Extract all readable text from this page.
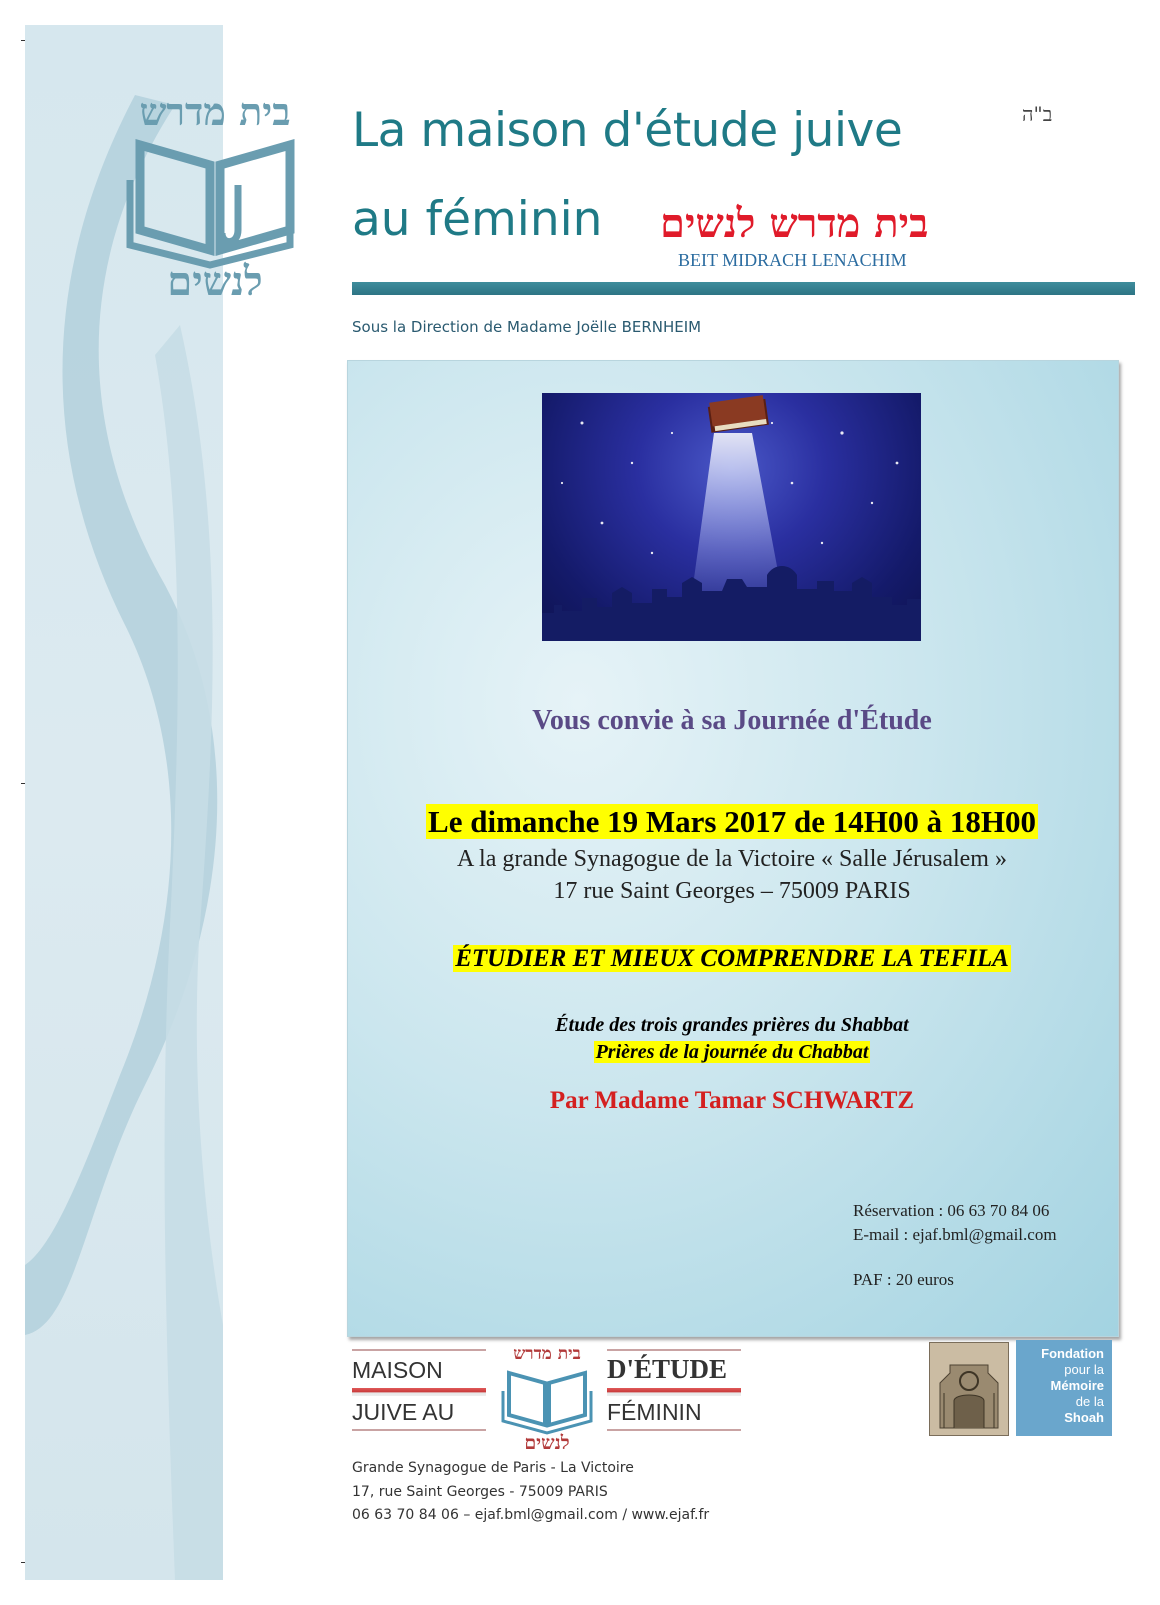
בית מדרש
לנשים
La maison d'étude juive
au féminin בית מדרש לנשים
BEIT MIDRACH LENACHIM
ב"ה
Sous la Direction de Madame Joëlle BERNHEIM
Vous convie à sa Journée d'Étude
Le dimanche 19 Mars 2017 de 14H00 à 18H00
A la grande Synagogue de la Victoire « Salle Jérusalem »
17 rue Saint Georges – 75009 PARIS
ÉTUDIER ET MIEUX COMPRENDRE LA TEFILA
Étude des trois grandes prières du Shabbat
Prières de la journée du Chabbat
Par Madame Tamar SCHWARTZ
Réservation : 06 63 70 84 06
E-mail : ejaf.bml@gmail.com
PAF : 20 euros
MAISON
JUIVE AU
D'ÉTUDE
FÉMININ
בית מדרש
לנשים
Fondation
pour la
Mémoire
de la
Shoah
Grande Synagogue de Paris - La Victoire
17, rue Saint Georges - 75009 PARIS
06 63 70 84 06 – ejaf.bml@gmail.com / www.ejaf.fr
